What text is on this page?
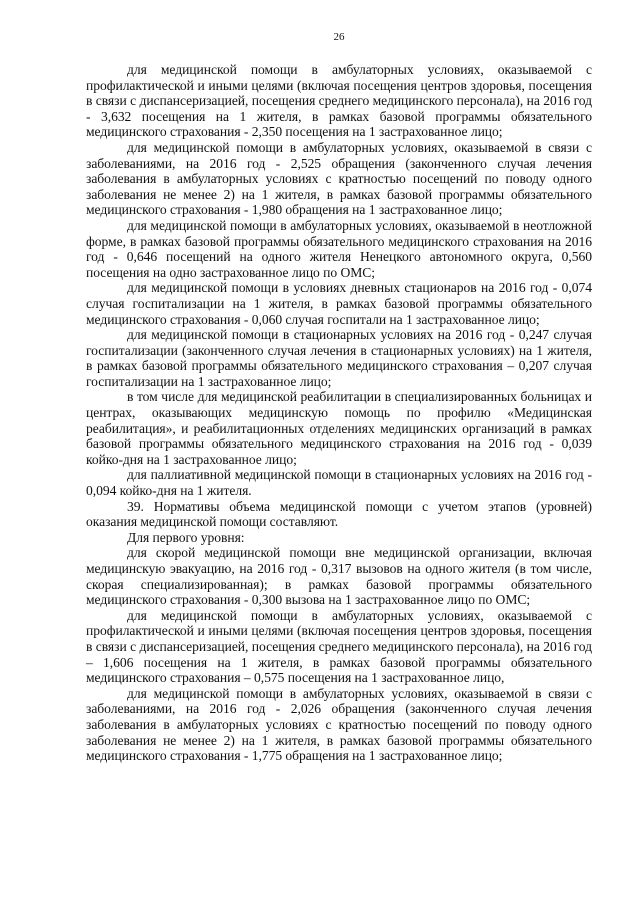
26

для медицинской помощи в амбулаторных условиях, оказываемой с профилактической и иными целями (включая посещения центров здоровья, посещения в связи с диспансеризацией, посещения среднего медицинского персонала), на 2016 год - 3,632 посещения на 1 жителя, в рамках базовой программы обязательного медицинского страхования - 2,350 посещения на 1 застрахованное лицо;

для медицинской помощи в амбулаторных условиях, оказываемой в связи с заболеваниями, на 2016 год - 2,525 обращения (законченного случая лечения заболевания в амбулаторных условиях с кратностью посещений по поводу одного заболевания не менее 2) на 1 жителя, в рамках базовой программы обязательного медицинского страхования - 1,980 обращения на 1 застрахованное лицо;

для медицинской помощи в амбулаторных условиях, оказываемой в неотложной форме, в рамках базовой программы обязательного медицинского страхования на 2016 год - 0,646 посещений на одного жителя Ненецкого автономного округа, 0,560 посещения на одно застрахованное лицо по ОМС;

для медицинской помощи в условиях дневных стационаров на 2016 год - 0,074 случая госпитализации на 1 жителя, в рамках базовой программы обязательного медицинского страхования - 0,060 случая госпитали на 1 застрахованное лицо;

для медицинской помощи в стационарных условиях на 2016 год - 0,247 случая госпитализации (законченного случая лечения в стационарных условиях) на 1 жителя, в рамках базовой программы обязательного медицинского страхования – 0,207 случая госпитализации на 1 застрахованное лицо;

в том числе для медицинской реабилитации в специализированных больницах и центрах, оказывающих медицинскую помощь по профилю «Медицинская реабилитация», и реабилитационных отделениях медицинских организаций в рамках базовой программы обязательного медицинского страхования на 2016 год - 0,039 койко-дня на 1 застрахованное лицо;

для паллиативной медицинской помощи в стационарных условиях на 2016 год - 0,094 койко-дня на 1 жителя.

39. Нормативы объема медицинской помощи с учетом этапов (уровней) оказания медицинской помощи составляют.

Для первого уровня:

для скорой медицинской помощи вне медицинской организации, включая медицинскую эвакуацию, на 2016 год - 0,317 вызовов на одного жителя (в том числе, скорая специализированная); в рамках базовой программы обязательного медицинского страхования - 0,300 вызова на 1 застрахованное лицо по ОМС;

для медицинской помощи в амбулаторных условиях, оказываемой с профилактической и иными целями (включая посещения центров здоровья, посещения в связи с диспансеризацией, посещения среднего медицинского персонала), на 2016 год – 1,606 посещения на 1 жителя, в рамках базовой программы обязательного медицинского страхования – 0,575 посещения на 1 застрахованное лицо,

для медицинской помощи в амбулаторных условиях, оказываемой в связи с заболеваниями, на 2016 год - 2,026 обращения (законченного случая лечения заболевания в амбулаторных условиях с кратностью посещений по поводу одного заболевания не менее 2) на 1 жителя, в рамках базовой программы обязательного медицинского страхования - 1,775 обращения на 1 застрахованное лицо;
